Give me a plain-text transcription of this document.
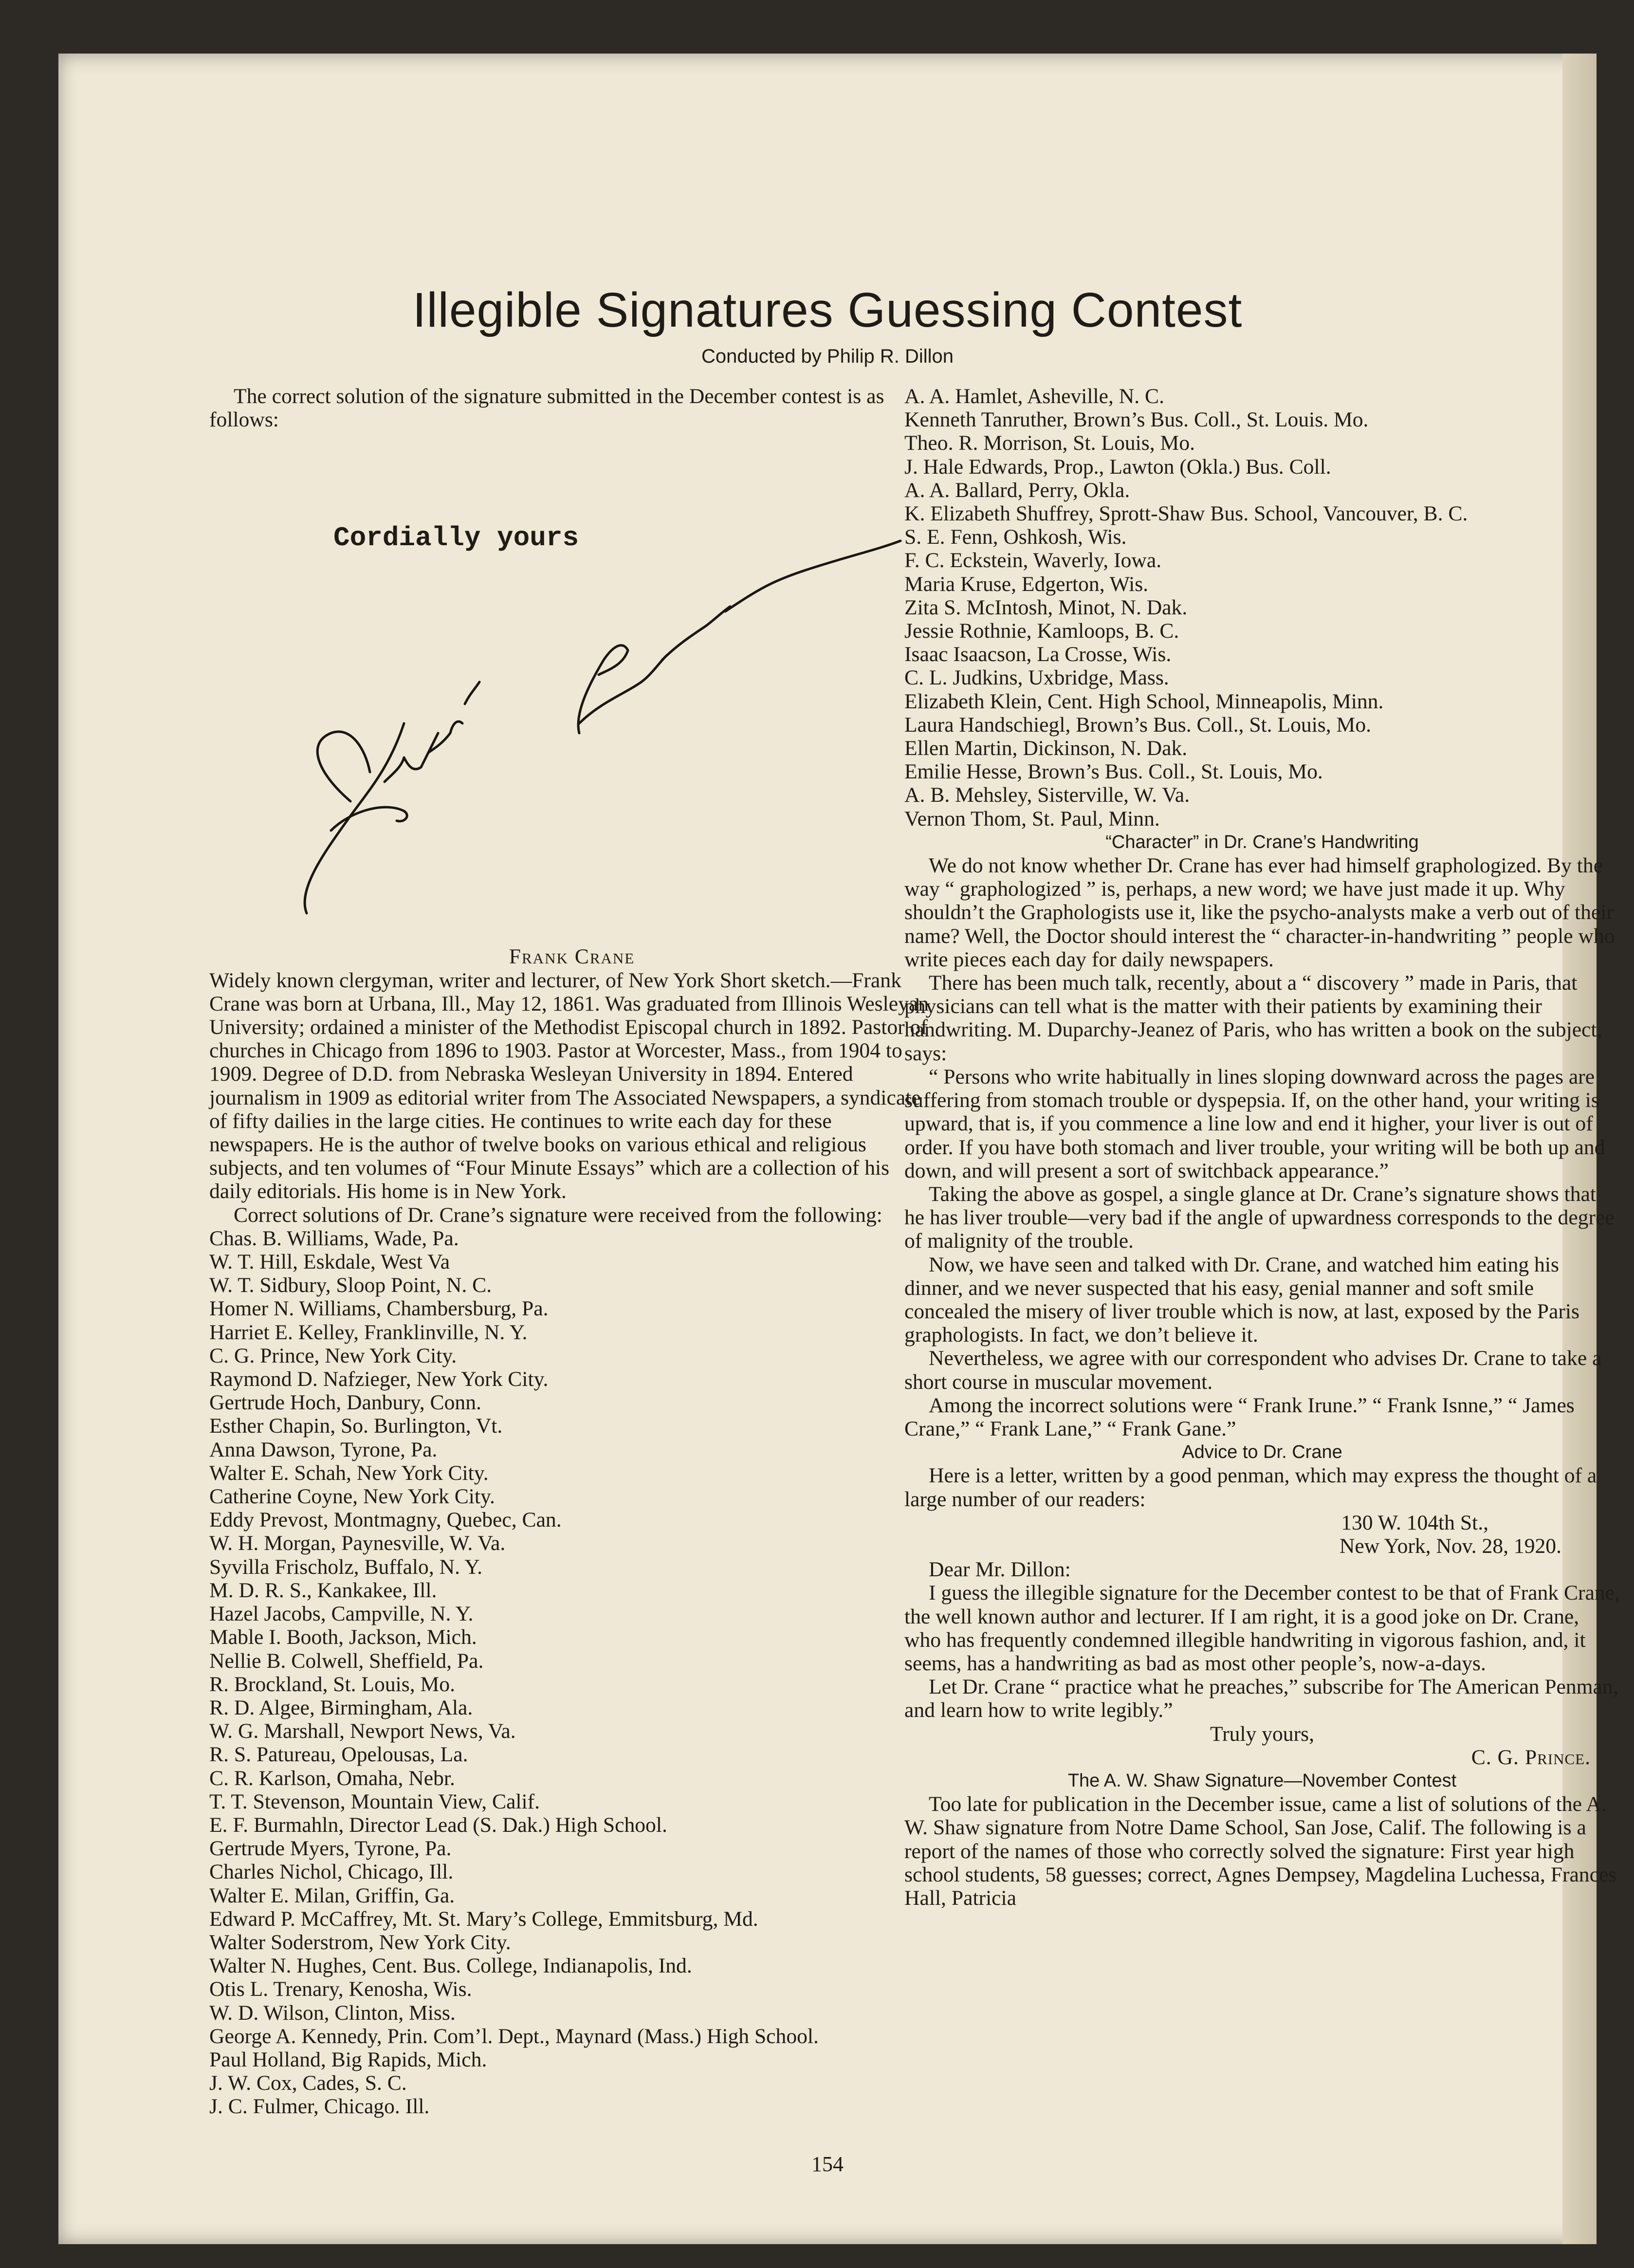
Illegible Signatures Guessing Contest
Conducted by Philip R. Dillon

The correct solution of the signature submitted in the December contest is as follows:

Cordially yours

Frank Crane

Widely known clergyman, writer and lecturer, of New York Short sketch.—Frank Crane was born at Urbana, Ill., May 12, 1861. Was graduated from Illinois Wesleyan University; ordained a minister of the Methodist Episcopal church in 1892. Pastor of churches in Chicago from 1896 to 1903. Pastor at Worcester, Mass., from 1904 to 1909. Degree of D.D. from Nebraska Wesleyan University in 1894. Entered journalism in 1909 as editorial writer from The Associated Newspapers, a syndicate of fifty dailies in the large cities. He continues to write each day for these newspapers. He is the author of twelve books on various ethical and religious subjects, and ten volumes of “Four Minute Essays” which are a collection of his daily editorials. His home is in New York.

Correct solutions of Dr. Crane’s signature were received from the following:

Chas. B. Williams, Wade, Pa.

W. T. Hill, Eskdale, West Va

W. T. Sidbury, Sloop Point, N. C.

Homer N. Williams, Chambersburg, Pa.

Harriet E. Kelley, Franklinville, N. Y.

C. G. Prince, New York City.

Raymond D. Nafzieger, New York City.

Gertrude Hoch, Danbury, Conn.

Esther Chapin, So. Burlington, Vt.

Anna Dawson, Tyrone, Pa.

Walter E. Schah, New York City.

Catherine Coyne, New York City.

Eddy Prevost, Montmagny, Quebec, Can.

W. H. Morgan, Paynesville, W. Va.

Syvilla Frischolz, Buffalo, N. Y.

M. D. R. S., Kankakee, Ill.

Hazel Jacobs, Campville, N. Y.

Mable I. Booth, Jackson, Mich.

Nellie B. Colwell, Sheffield, Pa.

R. Brockland, St. Louis, Mo.

R. D. Algee, Birmingham, Ala.

W. G. Marshall, Newport News, Va.

R. S. Patureau, Opelousas, La.

C. R. Karlson, Omaha, Nebr.

T. T. Stevenson, Mountain View, Calif.

E. F. Burmahln, Director Lead (S. Dak.) High School.

Gertrude Myers, Tyrone, Pa.

Charles Nichol, Chicago, Ill.

Walter E. Milan, Griffin, Ga.

Edward P. McCaffrey, Mt. St. Mary’s College, Emmitsburg, Md.

Walter Soderstrom, New York City.

Walter N. Hughes, Cent. Bus. College, Indianapolis, Ind.

Otis L. Trenary, Kenosha, Wis.

W. D. Wilson, Clinton, Miss.

George A. Kennedy, Prin. Com’l. Dept., Maynard (Mass.) High School.

Paul Holland, Big Rapids, Mich.

J. W. Cox, Cades, S. C.

J. C. Fulmer, Chicago. Ill.

A. A. Hamlet, Asheville, N. C.

Kenneth Tanruther, Brown’s Bus. Coll., St. Louis. Mo.

Theo. R. Morrison, St. Louis, Mo.

J. Hale Edwards, Prop., Lawton (Okla.) Bus. Coll.

A. A. Ballard, Perry, Okla.

K. Elizabeth Shuffrey, Sprott-Shaw Bus. School, Vancouver, B. C.

S. E. Fenn, Oshkosh, Wis.

F. C. Eckstein, Waverly, Iowa.

Maria Kruse, Edgerton, Wis.

Zita S. McIntosh, Minot, N. Dak.

Jessie Rothnie, Kamloops, B. C.

Isaac Isaacson, La Crosse, Wis.

C. L. Judkins, Uxbridge, Mass.

Elizabeth Klein, Cent. High School, Minneapolis, Minn.

Laura Handschiegl, Brown’s Bus. Coll., St. Louis, Mo.

Ellen Martin, Dickinson, N. Dak.

Emilie Hesse, Brown’s Bus. Coll., St. Louis, Mo.

A. B. Mehsley, Sisterville, W. Va.

Vernon Thom, St. Paul, Minn.

“Character” in Dr. Crane’s Handwriting

We do not know whether Dr. Crane has ever had himself graphologized. By the way “ graphologized ” is, perhaps, a new word; we have just made it up. Why shouldn’t the Graphologists use it, like the psycho-analysts make a verb out of their name? Well, the Doctor should interest the “ character-in-handwriting ” people who write pieces each day for daily newspapers.

There has been much talk, recently, about a “ discovery ” made in Paris, that physicians can tell what is the matter with their patients by examining their handwriting. M. Duparchy-Jeanez of Paris, who has written a book on the subject, says:

“ Persons who write habitually in lines sloping downward across the pages are suffering from stomach trouble or dyspepsia. If, on the other hand, your writing is upward, that is, if you commence a line low and end it higher, your liver is out of order. If you have both stomach and liver trouble, your writing will be both up and down, and will present a sort of switchback appearance.”

Taking the above as gospel, a single glance at Dr. Crane’s signature shows that he has liver trouble—very bad if the angle of upwardness corresponds to the degree of malignity of the trouble.

Now, we have seen and talked with Dr. Crane, and watched him eating his dinner, and we never suspected that his easy, genial manner and soft smile concealed the misery of liver trouble which is now, at last, exposed by the Paris graphologists. In fact, we don’t believe it.

Nevertheless, we agree with our correspondent who advises Dr. Crane to take a short course in muscular movement.

Among the incorrect solutions were “ Frank Irune.” “ Frank Isnne,” “ James Crane,” “ Frank Lane,” “ Frank Gane.”

Advice to Dr. Crane

Here is a letter, written by a good penman, which may express the thought of a large number of our readers:

130 W. 104th St.,

New York, Nov. 28, 1920.

Dear Mr. Dillon:

I guess the illegible signature for the December contest to be that of Frank Crane, the well known author and lecturer. If I am right, it is a good joke on Dr. Crane, who has frequently condemned illegible handwriting in vigorous fashion, and, it seems, has a handwriting as bad as most other people’s, now-a-days.

Let Dr. Crane “ practice what he preaches,” subscribe for The American Penman, and learn how to write legibly.”

Truly yours,

C. G. Prince.

The A. W. Shaw Signature—November Contest

Too late for publication in the December issue, came a list of solutions of the A. W. Shaw signature from Notre Dame School, San Jose, Calif. The following is a report of the names of those who correctly solved the signature: First year high school students, 58 guesses; correct, Agnes Dempsey, Magdelina Luchessa, Frances Hall, Patricia

154
